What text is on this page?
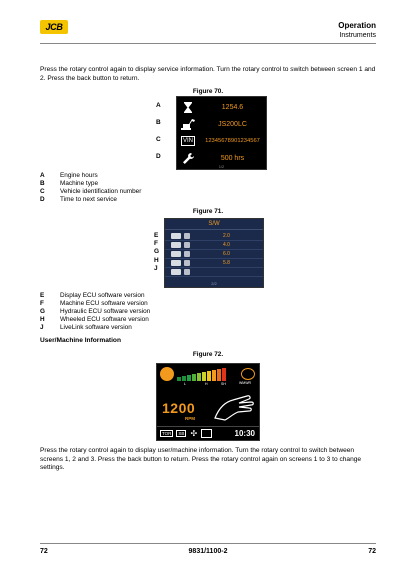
JCB	Operation
Instruments
Press the rotary control again to display service information. Turn the rotary control to switch between screen 1 and 2. Press the back button to return.
Figure 70.
A
B
C
D
1254.6
JS200LC
VIN	12345678901234567
500 hrs
1/2
A	Engine hours
B	Machine type
C	Vehicle identification number
D	Time to next service
Figure 71.
E
F
G
H
J
S/W
2.0
4.0
6.0
5.8
2/2
E	Display ECU software version
F	Machine ECU software version
G	Hydraulic ECU software version
H	Wheeled ECU software version
J	LiveLink software version
User/Machine Information
Figure 72.
L	H	SH	WMWR
1200
RPM
TOR	SB ✣	10:30
Press the rotary control again to display user/machine information. Turn the rotary control to switch between screens 1, 2 and 3. Press the back button to return. Press the rotary control again on screens 1 to 3 to change settings.
72	9831/1100-2	72
